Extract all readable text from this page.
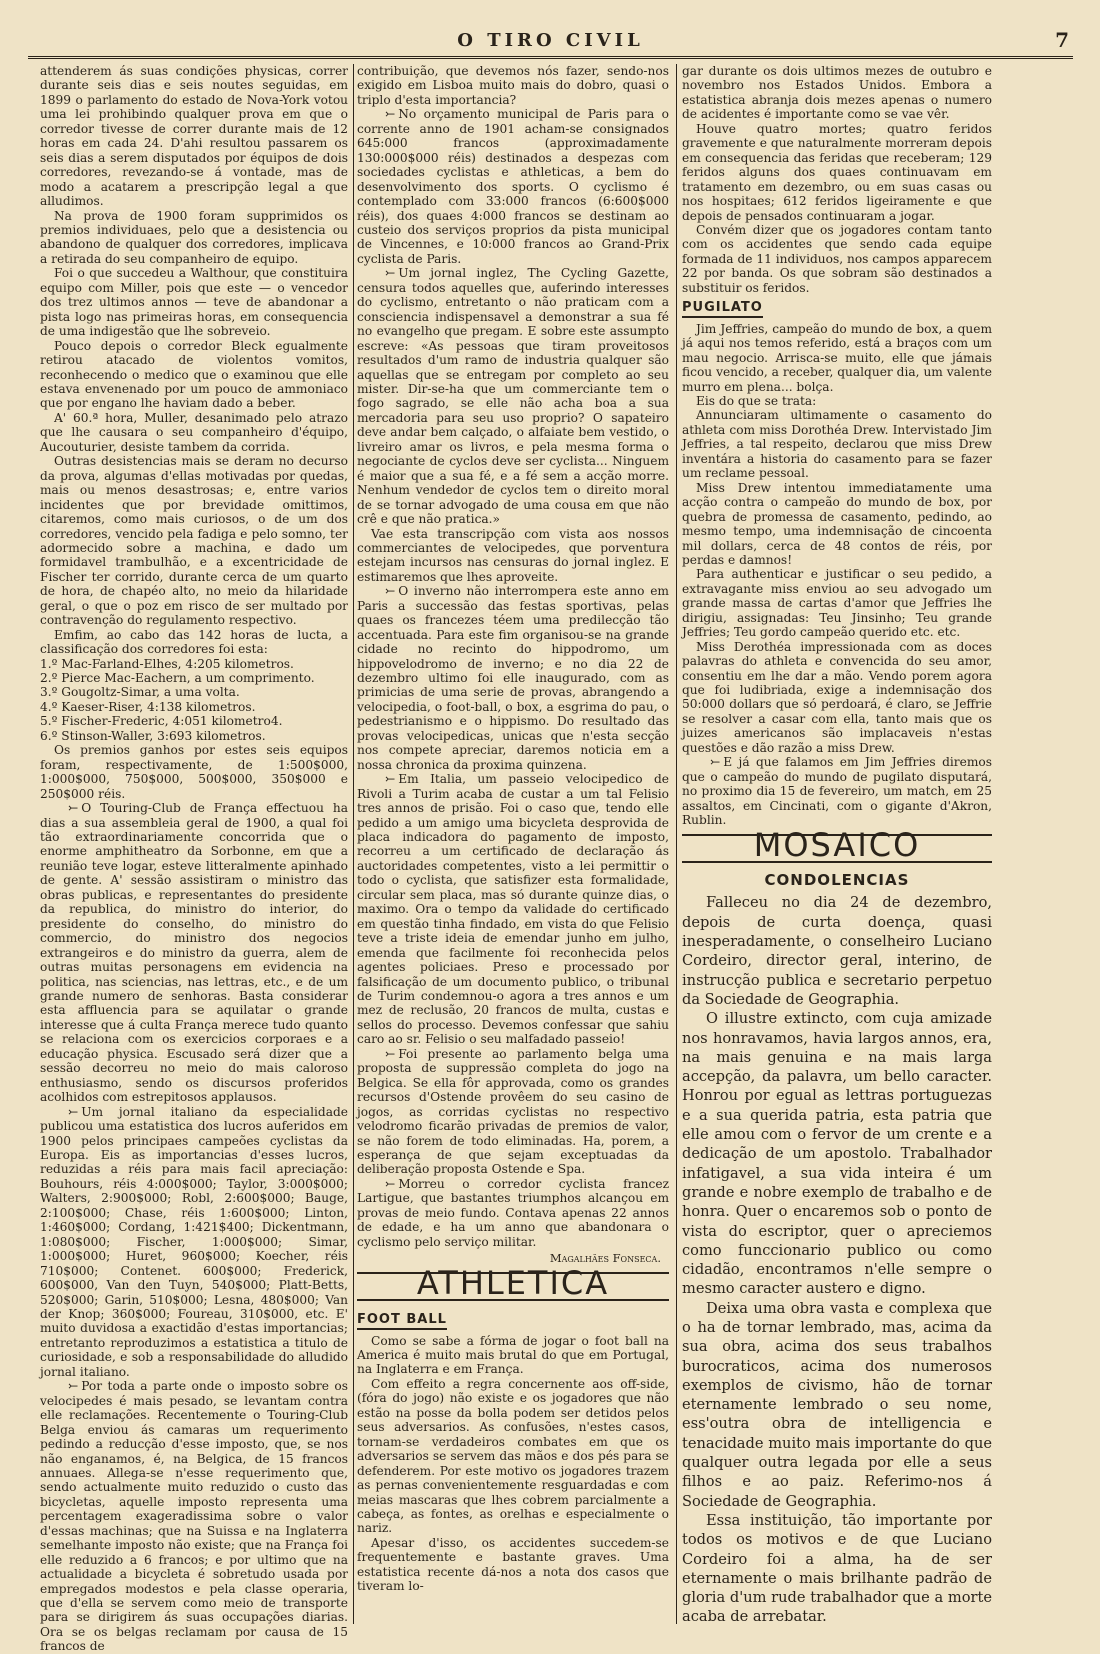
O TIRO CIVIL	7

attenderem ás suas condições physicas, correr durante seis dias e seis noutes seguidas, em 1899 o parlamento do estado de Nova-York votou uma lei prohibindo qualquer prova em que o corredor tivesse de correr durante mais de 12 horas em cada 24. D'ahi resultou passarem os seis dias a serem disputados por équipos de dois corredores, revezando-se á vontade, mas de modo a acatarem a prescripção legal a que alludimos.

Na prova de 1900 foram supprimidos os premios individuaes, pelo que a desistencia ou abandono de qualquer dos corredores, implicava a retirada do seu companheiro de equipo.

Foi o que succedeu a Walthour, que constituira equipo com Miller, pois que este — o vencedor dos trez ultimos annos — teve de abandonar a pista logo nas primeiras horas, em consequencia de uma indigestão que lhe sobreveio.

Pouco depois o corredor Bleck egualmente retirou atacado de violentos vomitos, reconhecendo o medico que o examinou que elle estava envenenado por um pouco de ammoniaco que por engano lhe haviam dado a beber.

A' 60.ª hora, Muller, desanimado pelo atrazo que lhe causara o seu companheiro d'équipo, Aucouturier, desiste tambem da corrida.

Outras desistencias mais se deram no decurso da prova, algumas d'ellas motivadas por quedas, mais ou menos desastrosas; e, entre varios incidentes que por brevidade omittimos, citaremos, como mais curiosos, o de um dos corredores, vencido pela fadiga e pelo somno, ter adormecido sobre a machina, e dado um formidavel trambulhão, e a excentricidade de Fischer ter corrido, durante cerca de um quarto de hora, de chapéo alto, no meio da hilaridade geral, o que o poz em risco de ser multado por contravenção do regulamento respectivo.

Emfim, ao cabo das 142 horas de lucta, a classificação dos corredores foi esta:

1.º Mac-Farland-Elhes, 4:205 kilometros.

2.º Pierce Mac-Eachern, a um comprimento.

3.º Gougoltz-Simar, a uma volta.

4.º Kaeser-Riser, 4:138 kilometros.

5.º Fischer-Frederic, 4:051 kilometro4.

6.º Stinson-Waller, 3:693 kilometros.

Os premios ganhos por estes seis equipos foram, respectivamente, de 1:500$000, 1:000$000, 750$000, 500$000, 350$000 e 250$000 réis.

⤚ O Touring-Club de França effectuou ha dias a sua assembleia geral de 1900, a qual foi tão extraordinariamente concorrida que o enorme amphitheatro da Sorbonne, em que a reunião teve logar, esteve litteralmente apinhado de gente. A' sessão assistiram o ministro das obras publicas, e representantes do presidente da republica, do ministro do interior, do presidente do conselho, do ministro do commercio, do ministro dos negocios extrangeiros e do ministro da guerra, alem de outras muitas personagens em evidencia na politica, nas sciencias, nas lettras, etc., e de um grande numero de senhoras. Basta considerar esta affluencia para se aquilatar o grande interesse que á culta França merece tudo quanto se relaciona com os exercicios corporaes e a educação physica. Escusado será dizer que a sessão decorreu no meio do mais caloroso enthusiasmo, sendo os discursos proferidos acolhidos com estrepitosos applausos.

⤚ Um jornal italiano da especialidade publicou uma estatistica dos lucros auferidos em 1900 pelos principaes campeões cyclistas da Europa. Eis as importancias d'esses lucros, reduzidas a réis para mais facil apreciação: Bouhours, réis 4:000$000; Taylor, 3:000$000; Walters, 2:900$000; Robl, 2:600$000; Bauge, 2:100$000; Chase, réis 1:600$000; Linton, 1:460$000; Cordang, 1:421$400; Dickentmann, 1:080$000; Fischer, 1:000$000; Simar, 1:000$000; Huret, 960$000; Koecher, réis 710$000; Contenet. 600$000; Frederick, 600$000, Van den Tuyn, 540$000; Platt-Betts, 520$000; Garin, 510$000; Lesna, 480$000; Van der Knop; 360$000; Foureau, 310$000, etc. E' muito duvidosa a exactidão d'estas importancias; entretanto reproduzimos a estatistica a titulo de curiosidade, e sob a responsabilidade do alludido jornal italiano.

⤚ Por toda a parte onde o imposto sobre os velocipedes é mais pesado, se levantam contra elle reclamações. Recentemente o Touring-Club Belga enviou ás camaras um requerimento pedindo a reducção d'esse imposto, que, se nos não enganamos, é, na Belgica, de 15 francos annuaes. Allega-se n'esse requerimento que, sendo actualmente muito reduzido o custo das bicycletas, aquelle imposto representa uma percentagem exageradissima sobre o valor d'essas machinas; que na Suissa e na Inglaterra semelhante imposto não existe; que na França foi elle reduzido a 6 francos; e por ultimo que na actualidade a bicycleta é sobretudo usada por empregados modestos e pela classe operaria, que d'ella se servem como meio de transporte para se dirigirem ás suas occupações diarias. Ora se os belgas reclamam por causa de 15 francos de

contribuição, que devemos nós fazer, sendo-nos exigido em Lisboa muito mais do dobro, quasi o triplo d'esta importancia?

⤚ No orçamento municipal de Paris para o corrente anno de 1901 acham-se consignados 645:000 francos (approximadamente 130:000$000 réis) destinados a despezas com sociedades cyclistas e athleticas, a bem do desenvolvimento dos sports. O cyclismo é contemplado com 33:000 francos (6:600$000 réis), dos quaes 4:000 francos se destinam ao custeio dos serviços proprios da pista municipal de Vincennes, e 10:000 francos ao Grand-Prix cyclista de Paris.

⤚ Um jornal inglez, The Cycling Gazette, censura todos aquelles que, auferindo interesses do cyclismo, entretanto o não praticam com a consciencia indispensavel a demonstrar a sua fé no evangelho que pregam. E sobre este assumpto escreve: «As pessoas que tiram proveitosos resultados d'um ramo de industria qualquer são aquellas que se entregam por completo ao seu mister. Dir-se-ha que um commerciante tem o fogo sagrado, se elle não acha boa a sua mercadoria para seu uso proprio? O sapateiro deve andar bem calçado, o alfaiate bem vestido, o livreiro amar os livros, e pela mesma forma o negociante de cyclos deve ser cyclista... Ninguem é maior que a sua fé, e a fé sem a acção morre. Nenhum vendedor de cyclos tem o direito moral de se tornar advogado de uma cousa em que não crê e que não pratica.»

Vae esta transcripção com vista aos nossos commerciantes de velocipedes, que porventura estejam incursos nas censuras do jornal inglez. E estimaremos que lhes aproveite.

⤚ O inverno não interrompera este anno em Paris a successão das festas sportivas, pelas quaes os francezes téem uma predilecção tão accentuada. Para este fim organisou-se na grande cidade no recinto do hippodromo, um hippovelodromo de inverno; e no dia 22 de dezembro ultimo foi elle inaugurado, com as primicias de uma serie de provas, abrangendo a velocipedia, o foot-ball, o box, a esgrima do pau, o pedestrianismo e o hippismo. Do resultado das provas velocipedicas, unicas que n'esta secção nos compete apreciar, daremos noticia em a nossa chronica da proxima quinzena.

⤚ Em Italia, um passeio velocipedico de Rivoli a Turim acaba de custar a um tal Felisio tres annos de prisão. Foi o caso que, tendo elle pedido a um amigo uma bicycleta desprovida de placa indicadora do pagamento de imposto, recorreu a um certificado de declaração ás auctoridades competentes, visto a lei permittir o todo o cyclista, que satisfizer esta formalidade, circular sem placa, mas só durante quinze dias, o maximo. Ora o tempo da validade do certificado em questão tinha findado, em vista do que Felisio teve a triste ideia de emendar junho em julho, emenda que facilmente foi reconhecida pelos agentes policiaes. Preso e processado por falsificação de um documento publico, o tribunal de Turim condemnou-o agora a tres annos e um mez de reclusão, 20 francos de multa, custas e sellos do processo. Devemos confessar que sahiu caro ao sr. Felisio o seu malfadado passeio!

⤚ Foi presente ao parlamento belga uma proposta de suppressão completa do jogo na Belgica. Se ella fôr approvada, como os grandes recursos d'Ostende provêem do seu casino de jogos, as corridas cyclistas no respectivo velodromo ficarão privadas de premios de valor, se não forem de todo eliminadas. Ha, porem, a esperança de que sejam exceptuadas da deliberação proposta Ostende e Spa.

⤚ Morreu o corredor cyclista francez Lartigue, que bastantes triumphos alcançou em provas de meio fundo. Contava apenas 22 annos de edade, e ha um anno que abandonara o cyclismo pelo serviço militar.

Magalhães Fonseca.
ATHLETICA
FOOT BALL

Como se sabe a fórma de jogar o foot ball na America é muito mais brutal do que em Portugal, na Inglaterra e em França.

Com effeito a regra concernente aos off-side, (fóra do jogo) não existe e os jogadores que não estão na posse da bolla podem ser detidos pelos seus adversarios. As confusões, n'estes casos, tornam-se verdadeiros combates em que os adversarios se servem das mãos e dos pés para se defenderem. Por este motivo os jogadores trazem as pernas convenientemente resguardadas e com meias mascaras que lhes cobrem parcialmente a cabeça, as fontes, as orelhas e especialmente o nariz.

Apesar d'isso, os accidentes succedem-se frequentemente e bastante graves. Uma estatistica recente dá-nos a nota dos casos que tiveram lo-

gar durante os dois ultimos mezes de outubro e novembro nos Estados Unidos. Embora a estatistica abranja dois mezes apenas o numero de acidentes é importante como se vae vêr.

Houve quatro mortes; quatro feridos gravemente e que naturalmente morreram depois em consequencia das feridas que receberam; 129 feridos alguns dos quaes continuavam em tratamento em dezembro, ou em suas casas ou nos hospitaes; 612 feridos ligeiramente e que depois de pensados continuaram a jogar.

Convém dizer que os jogadores contam tanto com os accidentes que sendo cada equipe formada de 11 individuos, nos campos apparecem 22 por banda. Os que sobram são destinados a substituir os feridos.

PUGILATO

Jim Jeffries, campeão do mundo de box, a quem já aqui nos temos referido, está a braços com um mau negocio. Arrisca-se muito, elle que jámais ficou vencido, a receber, qualquer dia, um valente murro em plena... bolça.

Eis do que se trata:

Annunciaram ultimamente o casamento do athleta com miss Dorothéa Drew. Intervistado Jim Jeffries, a tal respeito, declarou que miss Drew inventára a historia do casamento para se fazer um reclame pessoal.

Miss Drew intentou immediatamente uma acção contra o campeão do mundo de box, por quebra de promessa de casamento, pedindo, ao mesmo tempo, uma indemnisação de cincoenta mil dollars, cerca de 48 contos de réis, por perdas e damnos!

Para authenticar e justificar o seu pedido, a extravagante miss enviou ao seu advogado um grande massa de cartas d'amor que Jeffries lhe dirigiu, assignadas: Teu Jinsinho; Teu grande Jeffries; Teu gordo campeão querido etc. etc.

Miss Derothéa impressionada com as doces palavras do athleta e convencida do seu amor, consentiu em lhe dar a mão. Vendo porem agora que foi ludibriada, exige a indemnisação dos 50:000 dollars que só perdoará, é claro, se Jeffrie se resolver a casar com ella, tanto mais que os juizes americanos são implacaveis n'estas questões e dão razão a miss Drew.

⤚ E já que falamos em Jim Jeffries diremos que o campeão do mundo de pugilato disputará, no proximo dia 15 de fevereiro, um match, em 25 assaltos, em Cincinati, com o gigante d'Akron, Rublin.

MOSAICO
CONDOLENCIAS

Falleceu no dia 24 de dezembro, depois de curta doença, quasi inesperadamente, o conselheiro Luciano Cordeiro, director geral, interino, de instrucção publica e secretario perpetuo da Sociedade de Geographia.

O illustre extincto, com cuja amizade nos honravamos, havia largos annos, era, na mais genuina e na mais larga accepção, da palavra, um bello caracter. Honrou por egual as lettras portuguezas e a sua querida patria, esta patria que elle amou com o fervor de um crente e a dedicação de um apostolo. Trabalhador infatigavel, a sua vida inteira é um grande e nobre exemplo de trabalho e de honra. Quer o encaremos sob o ponto de vista do escriptor, quer o apreciemos como funccionario publico ou como cidadão, encontramos n'elle sempre o mesmo caracter austero e digno.

Deixa uma obra vasta e complexa que o ha de tornar lembrado, mas, acima da sua obra, acima dos seus trabalhos burocraticos, acima dos numerosos exemplos de civismo, hão de tornar eternamente lembrado o seu nome, ess'outra obra de intelligencia e tenacidade muito mais importante do que qualquer outra legada por elle a seus filhos e ao paiz. Referimo-nos á Sociedade de Geographia.

Essa instituição, tão importante por todos os motivos e de que Luciano Cordeiro foi a alma, ha de ser eternamente o mais brilhante padrão de gloria d'um rude trabalhador que a morte acaba de arrebatar.
